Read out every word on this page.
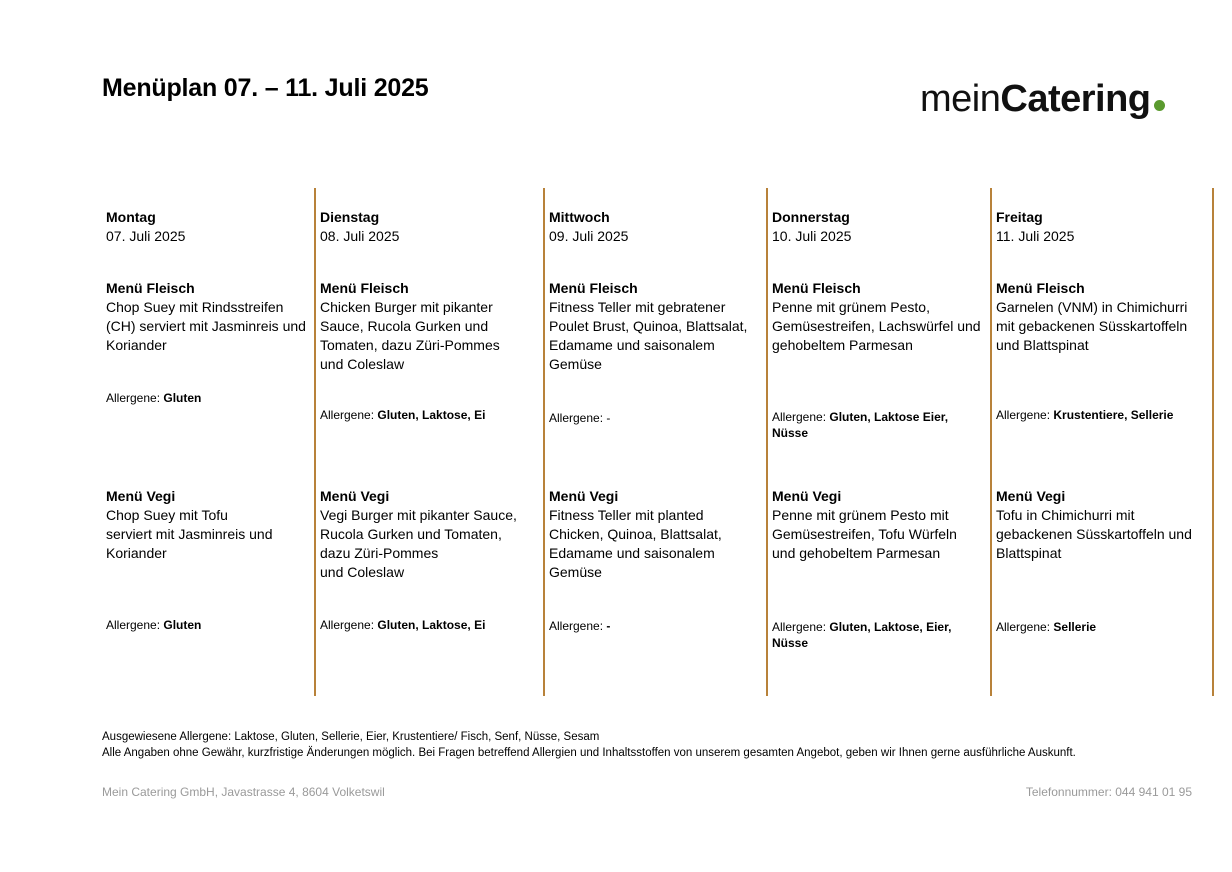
Menüplan 07. – 11. Juli 2025	meinCatering
Montag
07. Juli 2025
Menü Fleisch
Chop Suey mit Rindsstreifen
(CH) serviert mit Jasminreis und
Koriander
Allergene: Gluten
Menü Vegi
Chop Suey mit Tofu
serviert mit Jasminreis und
Koriander
Allergene: Gluten
Dienstag
08. Juli 2025
Menü Fleisch
Chicken Burger mit pikanter
Sauce, Rucola Gurken und
Tomaten, dazu Züri-Pommes
und Coleslaw
Allergene: Gluten, Laktose, Ei
Menü Vegi
Vegi Burger mit pikanter Sauce,
Rucola Gurken und Tomaten,
dazu Züri-Pommes
und Coleslaw
Allergene: Gluten, Laktose, Ei
Mittwoch
09. Juli 2025
Menü Fleisch
Fitness Teller mit gebratener
Poulet Brust, Quinoa, Blattsalat,
Edamame und saisonalem
Gemüse
Allergene: -
Menü Vegi
Fitness Teller mit planted
Chicken, Quinoa, Blattsalat,
Edamame und saisonalem
Gemüse
Allergene: -
Donnerstag
10. Juli 2025
Menü Fleisch
Penne mit grünem Pesto,
Gemüsestreifen, Lachswürfel und
gehobeltem Parmesan
Allergene: Gluten, Laktose Eier,
Nüsse
Menü Vegi
Penne mit grünem Pesto mit
Gemüsestreifen, Tofu Würfeln
und gehobeltem Parmesan
Allergene: Gluten, Laktose, Eier,
Nüsse
Freitag
11. Juli 2025
Menü Fleisch
Garnelen (VNM) in Chimichurri
mit gebackenen Süsskartoffeln
und Blattspinat
Allergene: Krustentiere, Sellerie
Menü Vegi
Tofu in Chimichurri mit
gebackenen Süsskartoffeln und
Blattspinat
Allergene: Sellerie
Ausgewiesene Allergene: Laktose, Gluten, Sellerie, Eier, Krustentiere/ Fisch, Senf, Nüsse, Sesam
Alle Angaben ohne Gewähr, kurzfristige Änderungen möglich. Bei Fragen betreffend Allergien und Inhaltsstoffen von unserem gesamten Angebot, geben wir Ihnen gerne ausführliche Auskunft.
Mein Catering GmbH, Javastrasse 4, 8604 Volketswil	Telefonnummer: 044 941 01 95
